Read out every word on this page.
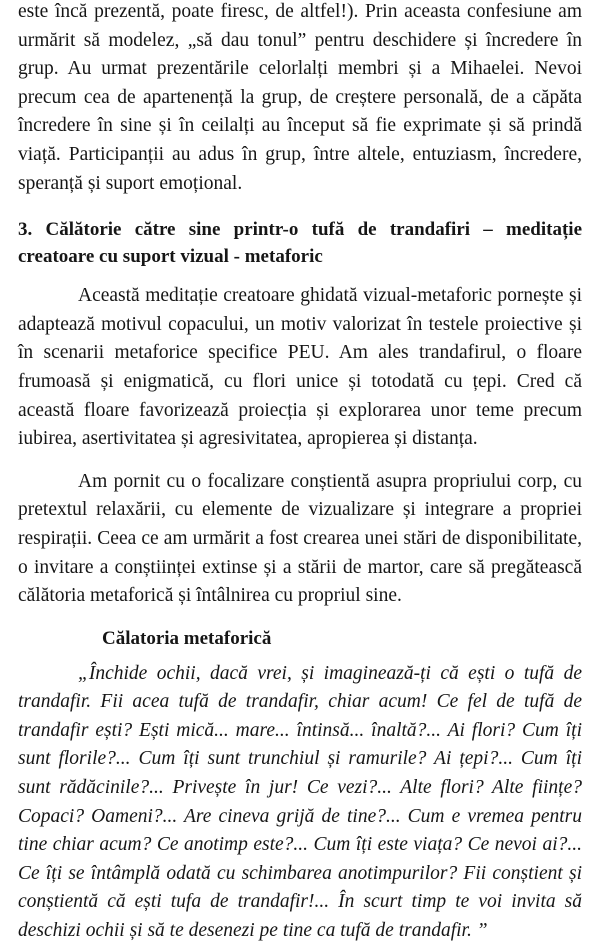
este încă prezentă, poate firesc, de altfel!). Prin aceasta confesiune am urmărit să modelez, „să dau tonul” pentru deschidere și încredere în grup. Au urmat prezentările celorlalți membri și a Mihaelei. Nevoi precum cea de apartenență la grup, de creștere personală, de a căpăta încredere în sine și în ceilalți au început să fie exprimate și să prindă viață. Participanții au adus în grup, între altele, entuziasm, încredere, speranță și suport emoțional.

3. Călătorie către sine printr-o tufă de trandafiri – meditație creatoare cu suport vizual - metaforic

Această meditație creatoare ghidată vizual-metaforic pornește și adaptează motivul copacului, un motiv valorizat în testele proiective și în scenarii metaforice specifice PEU. Am ales trandafirul, o floare frumoasă și enigmatică, cu flori unice și totodată cu țepi. Cred că această floare favorizează proiecția și explorarea unor teme precum iubirea, asertivitatea și agresivitatea, apropierea și distanța.

Am pornit cu o focalizare conștientă asupra propriului corp, cu pretextul relaxării, cu elemente de vizualizare și integrare a propriei respirații. Ceea ce am urmărit a fost crearea unei stări de disponibilitate, o invitare a conștiinței extinse și a stării de martor, care să pregătească călătoria metaforică și întâlnirea cu propriul sine.

Călatoria metaforică

„Închide ochii, dacă vrei, și imaginează-ți că ești o tufă de trandafir. Fii acea tufă de trandafir, chiar acum! Ce fel de tufă de trandafir ești? Ești mică... mare... întinsă... înaltă?... Ai flori? Cum îți sunt florile?... Cum îți sunt trunchiul și ramurile? Ai țepi?... Cum îți sunt rădăcinile?... Privește în jur! Ce vezi?... Alte flori? Alte ființe? Copaci? Oameni?... Are cineva grijă de tine?... Cum e vremea pentru tine chiar acum? Ce anotimp este?... Cum îți este viața? Ce nevoi ai?... Ce îți se întâmplă odată cu schimbarea anotimpurilor? Fii conștient și conștientă că ești tufa de trandafir!... În scurt timp te voi invita să deschizi ochii și să te desenezi pe tine ca tufă de trandafir. ”
